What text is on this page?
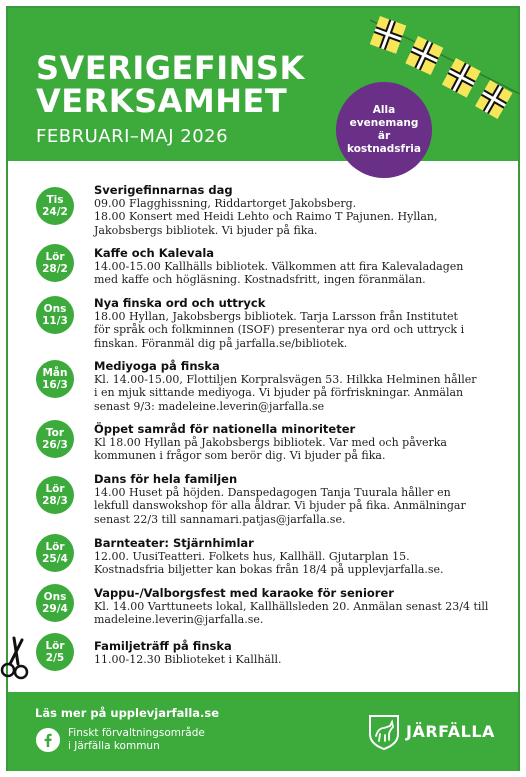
SVERIGEFINSK
VERKSAMHET
FEBRUARI–MAJ 2026
Alla evenemang är kostnadsfria
Tis
24/2
Sverigefinnarnas dag
09.00 Flagghissning, Riddartorget Jakobsberg.
18.00 Konsert med Heidi Lehto och Raimo T Pajunen. Hyllan,
Jakobsbergs bibliotek. Vi bjuder på fika.
Lör
28/2
Kaffe och Kalevala
14.00-15.00 Kallhälls bibliotek. Välkommen att fira Kalevaladagen
med kaffe och högläsning. Kostnadsfritt, ingen föranmälan.
Ons
11/3
Nya finska ord och uttryck
18.00 Hyllan, Jakobsbergs bibliotek. Tarja Larsson från Institutet
för språk och folkminnen (ISOF) presenterar nya ord och uttryck i
finskan. Föranmäl dig på jarfalla.se/bibliotek.
Mån
16/3
Mediyoga på finska
Kl. 14.00-15.00, Flottiljen Korpralsvägen 53. Hilkka Helminen håller
i en mjuk sittande mediyoga. Vi bjuder på förfriskningar. Anmälan
senast 9/3: madeleine.leverin@jarfalla.se
Tor
26/3
Öppet samråd för nationella minoriteter
Kl 18.00 Hyllan på Jakobsbergs bibliotek. Var med och påverka
kommunen i frågor som berör dig. Vi bjuder på fika.
Lör
28/3
Dans för hela familjen
14.00 Huset på höjden. Danspedagogen Tanja Tuurala håller en
lekfull danswokshop för alla åldrar. Vi bjuder på fika. Anmälningar
senast 22/3 till sannamari.patjas@jarfalla.se.
Lör
25/4
Barnteater: Stjärnhimlar
12.00. UusiTeatteri. Folkets hus, Kallhäll. Gjutarplan 15.
Kostnadsfria biljetter kan bokas från 18/4 på upplevjarfalla.se.
Ons
29/4
Vappu-/Valborgsfest med karaoke för seniorer
Kl. 14.00 Varttuneets lokal, Kallhällsleden 20. Anmälan senast 23/4 till
madeleine.leverin@jarfalla.se.
Lör
2/5
Familjeträff på finska
11.00-12.30 Biblioteket i Kallhäll.
Läs mer på upplevjarfalla.se
Finskt förvaltningsområde
i Järfälla kommun
JÄRFÄLLA
